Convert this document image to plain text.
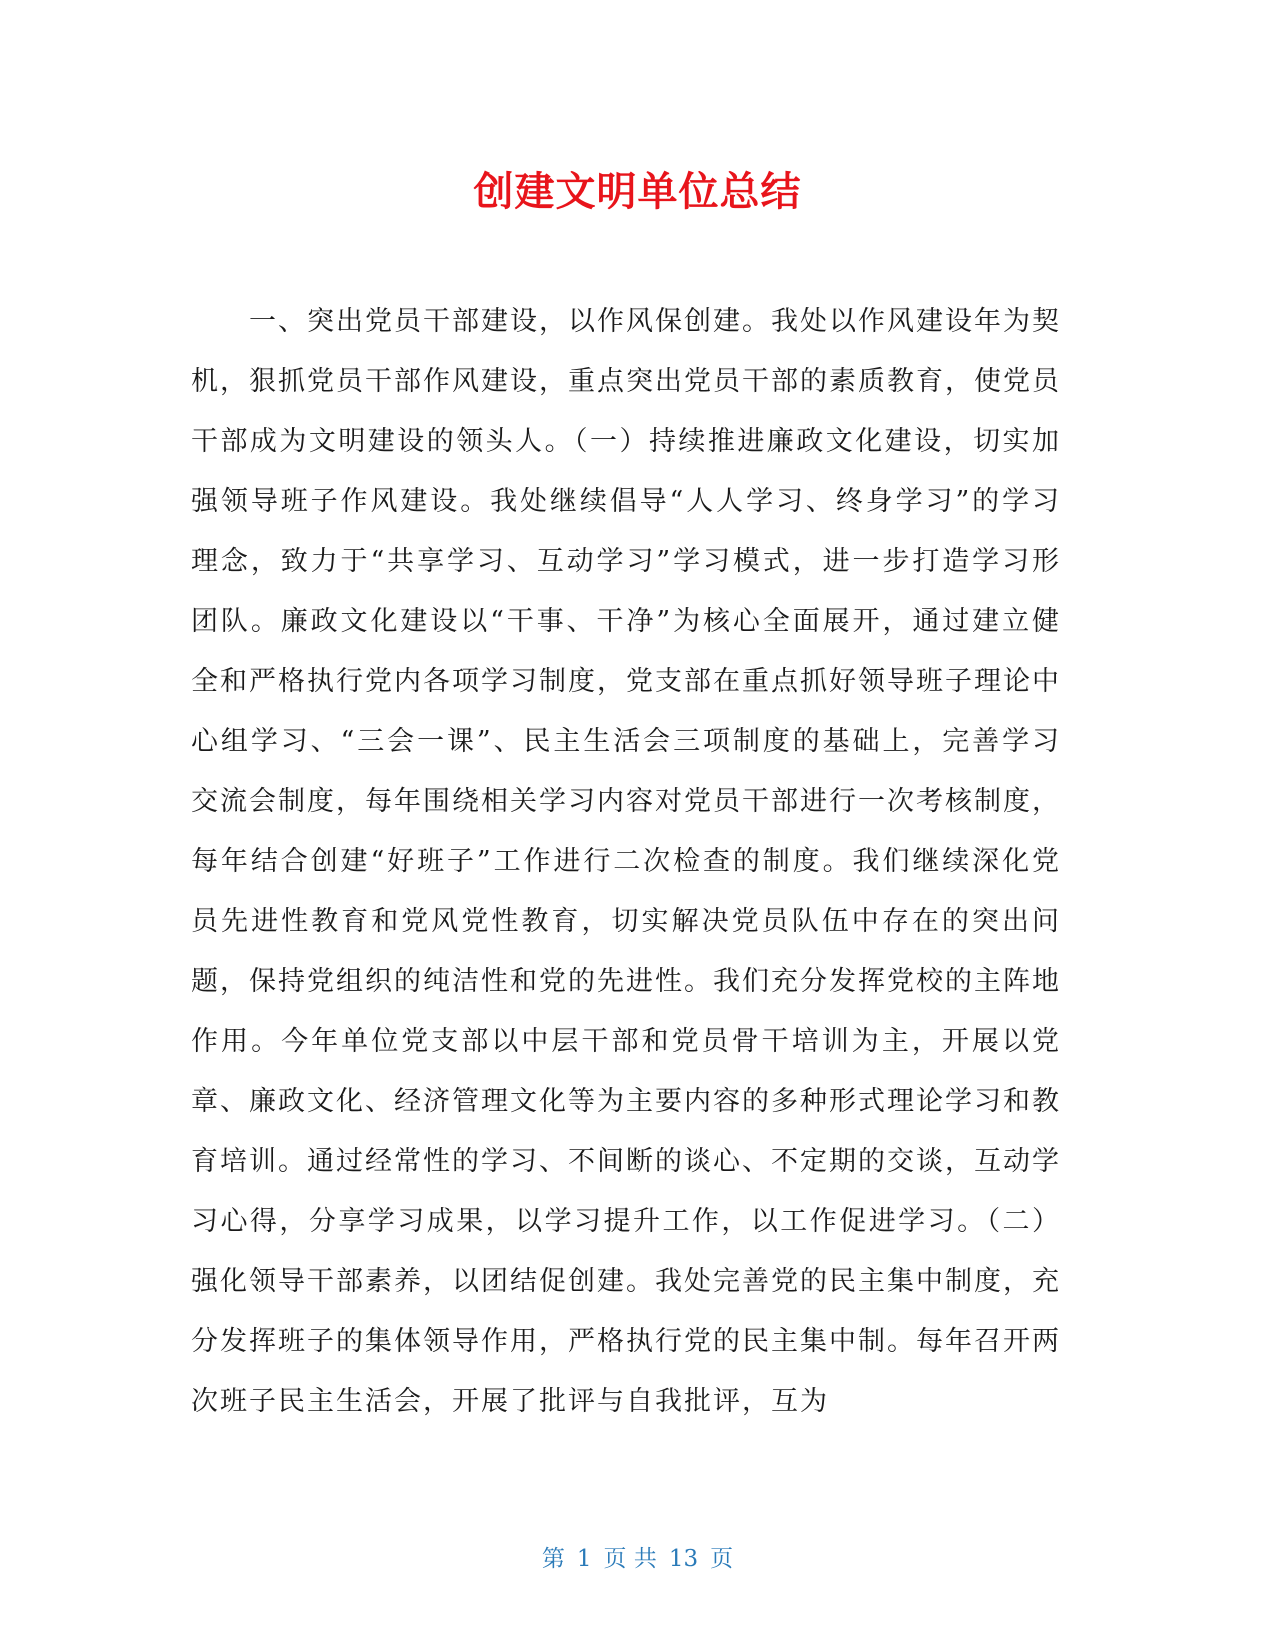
创建文明单位总结

一、突出党员干部建设，以作风保创建。我处以作风建设年为契机，狠抓党员干部作风建设，重点突出党员干部的素质教育，使党员干部成为文明建设的领头人。（一）持续推进廉政文化建设，切实加强领导班子作风建设。我处继续倡导“人人学习、终身学习”的学习理念，致力于“共享学习、互动学习”学习模式，进一步打造学习形团队。廉政文化建设以“干事、干净”为核心全面展开，通过建立健全和严格执行党内各项学习制度，党支部在重点抓好领导班子理论中心组学习、“三会一课”、民主生活会三项制度的基础上，完善学习交流会制度，每年围绕相关学习内容对党员干部进行一次考核制度，每年结合创建“好班子”工作进行二次检查的制度。我们继续深化党员先进性教育和党风党性教育，切实解决党员队伍中存在的突出问题，保持党组织的纯洁性和党的先进性。我们充分发挥党校的主阵地作用。今年单位党支部以中层干部和党员骨干培训为主，开展以党章、廉政文化、经济管理文化等为主要内容的多种形式理论学习和教育培训。通过经常性的学习、不间断的谈心、不定期的交谈，互动学习心得，分享学习成果，以学习提升工作，以工作促进学习。（二）强化领导干部素养，以团结促创建。我处完善党的民主集中制度，充分发挥班子的集体领导作用，严格执行党的民主集中制。每年召开两次班子民主生活会，开展了批评与自我批评，互为

第 1 页 共 13 页
